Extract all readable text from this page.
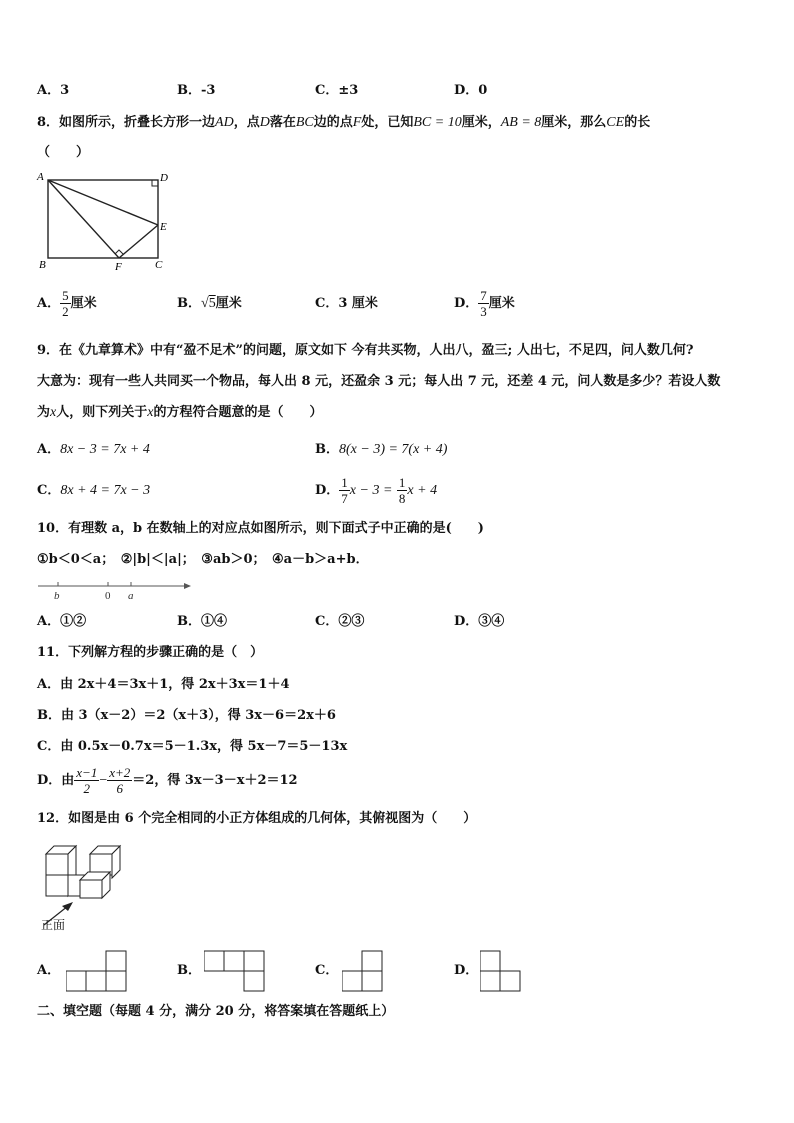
A．3	B．-3	C．±3	D．0
8．如图所示，折叠长方形一边AD，点D落在BC边的点F处，已知BC = 10厘米，AB = 8厘米，那么CE的长
（　　）
A	D
E
B	F	C
A． $\frac{5}{2}$ 厘米	B．√5厘米	C．3 厘米	D． $\frac{7}{3}$ 厘米
9．在《九章算术》中有“盈不足术”的问题，原文如下 今有共买物，人出八，盈三; 人出七，不足四，问人数几何?
大意为：现有一些人共同买一个物品，每人出 8 元，还盈余 3 元；每人出 7 元，还差 4 元，问人数是多少？若设人数
为x人，则下列关于x的方程符合题意的是（　　）
A．8x − 3 = 7x + 4	B．8(x − 3) = 7(x + 4)
C．8x + 4 = 7x − 3	D． $\frac{1}{7}$ $x - 3 = \frac{1}{8}$ x + 4
10．有理数 a，b 在数轴上的对应点如图所示，则下面式子中正确的是(　　)
①b＜0＜a；　②|b|＜|a|；　③ab＞0；　④a－b＞a+b．
b	0 a
A．①②	B．①④	C．②③	D．③④
11．下列解方程的步骤正确的是（　）
A．由 2x＋4＝3x＋1，得 2x＋3x＝1＋4
B．由 3（x－2）＝2（x＋3），得 3x－6＝2x＋6
C．由 0.5x－0.7x＝5－1.3x，得 5x－7＝5－13x
D．由 $\frac{x-1}{2} - \frac{x+2}{6} =2$，得 3x－3－x＋2＝12
12．如图是由 6 个完全相同的小正方体组成的几何体，其俯视图为（　　）
正面
A．	B．	C．	D．
二、填空题（每题 4 分，满分 20 分，将答案填在答题纸上）
